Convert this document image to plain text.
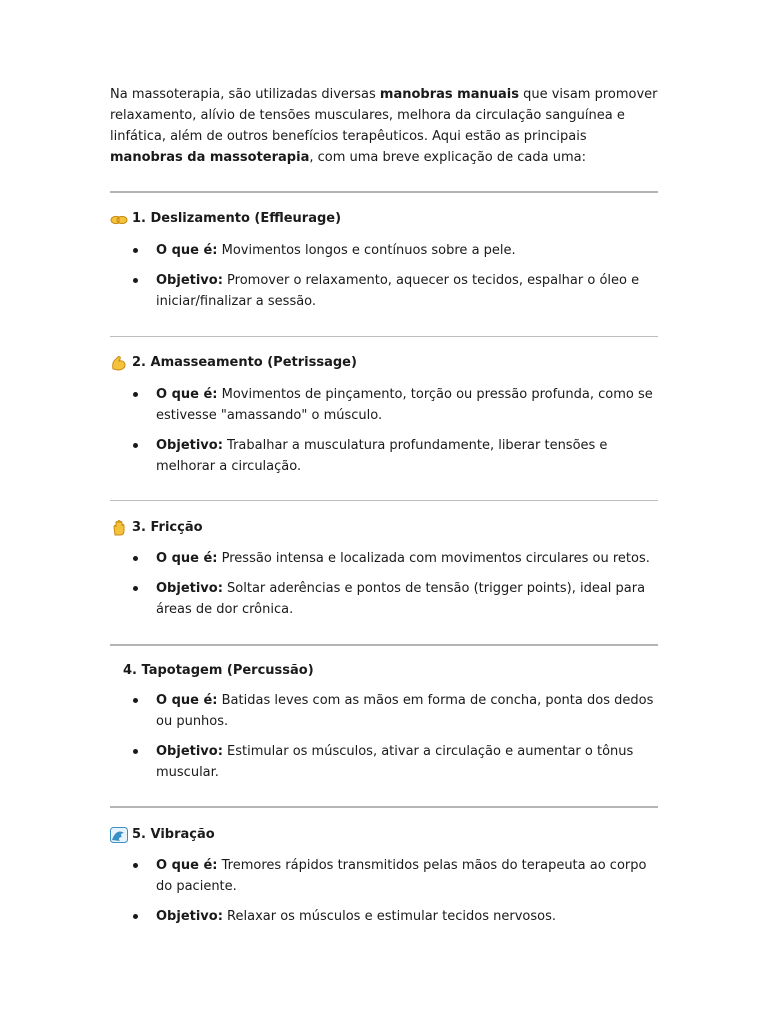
Na massoterapia, são utilizadas diversas manobras manuais que visam promover relaxamento, alívio de tensões musculares, melhora da circulação sanguínea e linfática, além de outros benefícios terapêuticos. Aqui estão as principais manobras da massoterapia, com uma breve explicação de cada uma:

1. Deslizamento (Effleurage)
O que é: Movimentos longos e contínuos sobre a pele.
Objetivo: Promover o relaxamento, aquecer os tecidos, espalhar o óleo e iniciar/finalizar a sessão.
2. Amasseamento (Petrissage)
O que é: Movimentos de pinçamento, torção ou pressão profunda, como se estivesse "amassando" o músculo.
Objetivo: Trabalhar a musculatura profundamente, liberar tensões e melhorar a circulação.
3. Fricção
O que é: Pressão intensa e localizada com movimentos circulares ou retos.
Objetivo: Soltar aderências e pontos de tensão (trigger points), ideal para áreas de dor crônica.
4. Tapotagem (Percussão)
O que é: Batidas leves com as mãos em forma de concha, ponta dos dedos ou punhos.
Objetivo: Estimular os músculos, ativar a circulação e aumentar o tônus muscular.
5. Vibração
O que é: Tremores rápidos transmitidos pelas mãos do terapeuta ao corpo do paciente.
Objetivo: Relaxar os músculos e estimular tecidos nervosos.
